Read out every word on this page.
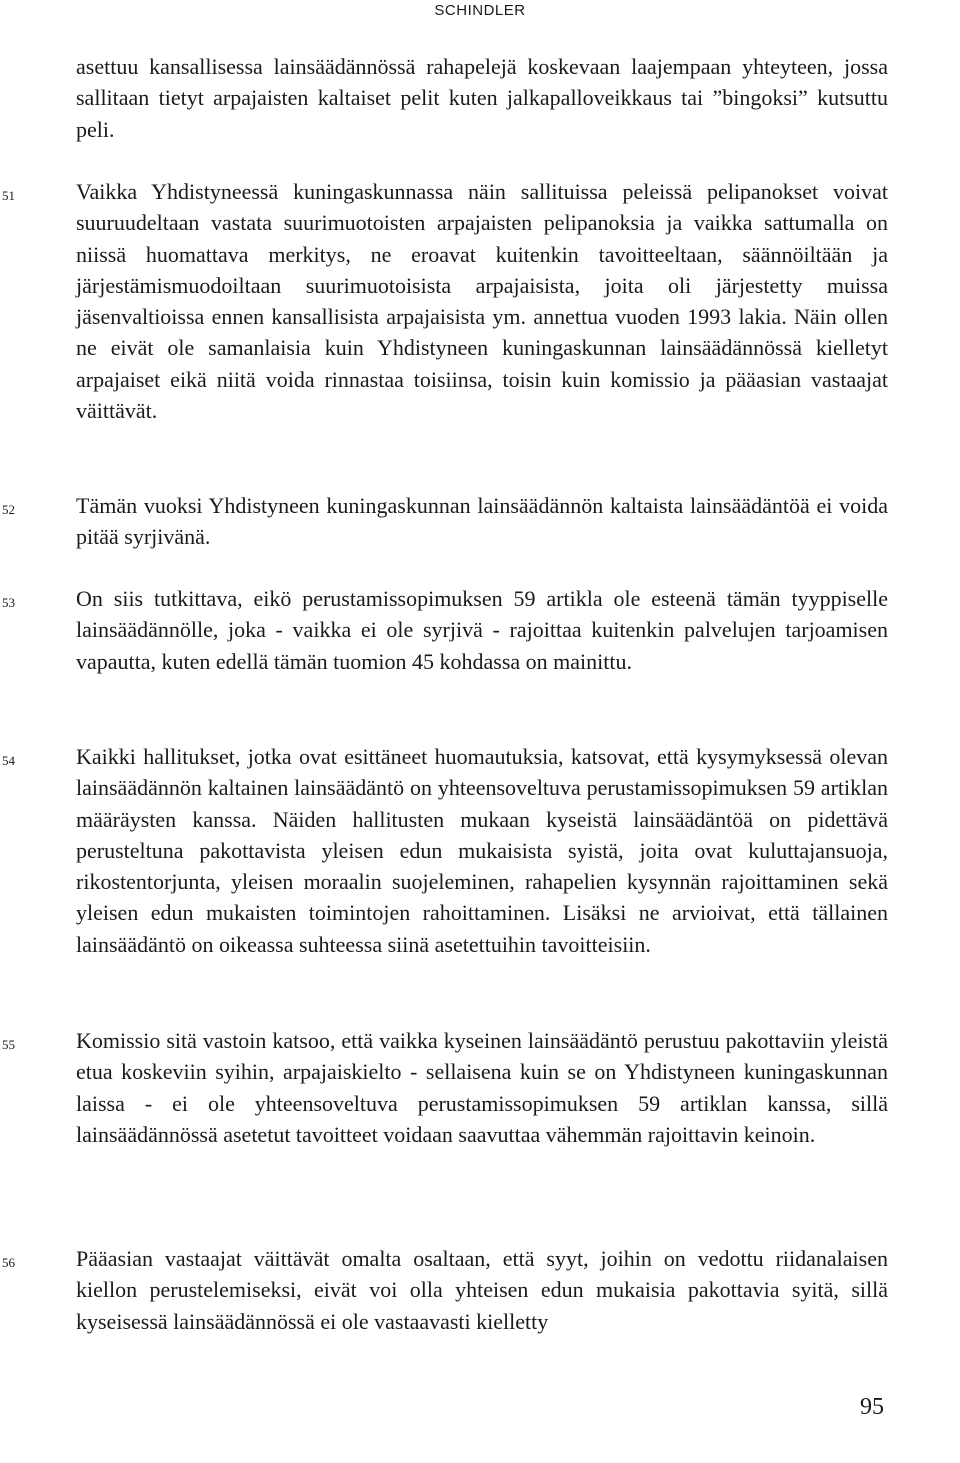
SCHINDLER
asettuu kansallisessa lainsäädännössä rahapelejä koskevaan laajempaan yhteyteen, jossa sallitaan tietyt arpajaisten kaltaiset pelit kuten jalkapalloveikkaus tai ”bingoksi” kutsuttu peli.
51	Vaikka Yhdistyneessä kuningaskunnassa näin sallituissa peleissä pelipanokset voivat suuruudeltaan vastata suurimuotoisten arpajaisten pelipanoksia ja vaikka sattumalla on niissä huomattava merkitys, ne eroavat kuitenkin tavoitteeltaan, säännöiltään ja järjestämismuodoiltaan suurimuotoisista arpajaisista, joita oli järjestetty muissa jäsenvaltioissa ennen kansallisista arpajaisista ym. annettua vuoden 1993 lakia. Näin ollen ne eivät ole samanlaisia kuin Yhdistyneen kuningaskunnan lainsäädännössä kielletyt arpajaiset eikä niitä voida rinnastaa toisiinsa, toisin kuin komissio ja pääasian vastaajat väittävät.
52	Tämän vuoksi Yhdistyneen kuningaskunnan lainsäädännön kaltaista lainsäädäntöä ei voida pitää syrjivänä.
53	On siis tutkittava, eikö perustamissopimuksen 59 artikla ole esteenä tämän tyyppiselle lainsäädännölle, joka - vaikka ei ole syrjivä - rajoittaa kuitenkin palvelujen tarjoamisen vapautta, kuten edellä tämän tuomion 45 kohdassa on mainittu.
54	Kaikki hallitukset, jotka ovat esittäneet huomautuksia, katsovat, että kysymyksessä olevan lainsäädännön kaltainen lainsäädäntö on yhteensoveltuva perustamissopimuksen 59 artiklan määräysten kanssa. Näiden hallitusten mukaan kyseistä lainsäädäntöä on pidettävä perusteltuna pakottavista yleisen edun mukaisista syistä, joita ovat kuluttajansuoja, rikostentorjunta, yleisen moraalin suojeleminen, rahapelien kysynnän rajoittaminen sekä yleisen edun mukaisten toimintojen rahoittaminen. Lisäksi ne arvioivat, että tällainen lainsäädäntö on oikeassa suhteessa siinä asetettuihin tavoitteisiin.
55	Komissio sitä vastoin katsoo, että vaikka kyseinen lainsäädäntö perustuu pakottaviin yleistä etua koskeviin syihin, arpajaiskielto - sellaisena kuin se on Yhdistyneen kuningaskunnan laissa - ei ole yhteensoveltuva perustamissopimuksen 59 artiklan kanssa, sillä lainsäädännössä asetetut tavoitteet voidaan saavuttaa vähemmän rajoittavin keinoin.
56	Pääasian vastaajat väittävät omalta osaltaan, että syyt, joihin on vedottu riidanalaisen kiellon perustelemiseksi, eivät voi olla yhteisen edun mukaisia pakottavia syitä, sillä kyseisessä lainsäädännössä ei ole vastaavasti kielletty
95
